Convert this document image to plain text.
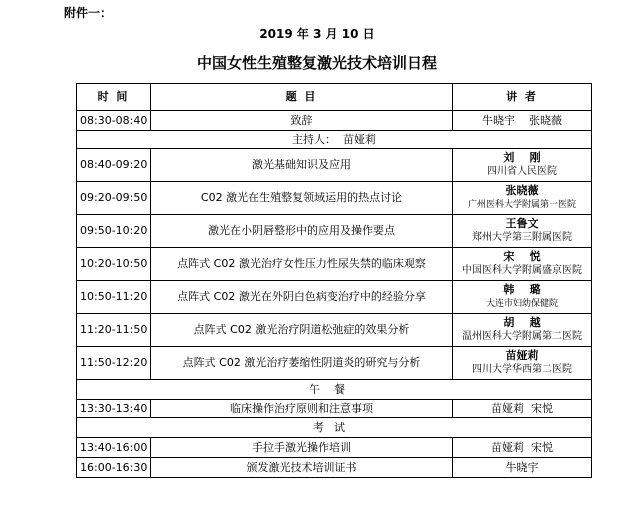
附件一：
2019 年 3 月 10 日
中国女性生殖整复激光技术培训日程
时 间	题 目	讲 者
08:30-08:40	致辞	牛晓宇    张晓薇
主持人：  苗娅莉		
08:40-09:20	激光基础知识及应用	刘    刚
四川省人民医院

09:20-09:50	C02 激光在生殖整复领域运用的热点讨论	张晓薇
广州医科大学附属第一医院

09:50-10:20	激光在小阴唇整形中的应用及操作要点	王鲁文
郑州大学第三附属医院

10:20-10:50	点阵式 C02 激光治疗女性压力性尿失禁的临床观察	宋    悦
中国医科大学附属盛京医院

10:50-11:20	点阵式 C02 激光在外阴白色病变治疗中的经验分享	韩    璐
大连市妇幼保健院

11:20-11:50	点阵式 C02 激光治疗阴道松弛症的效果分析	胡    越
温州医科大学附属第二医院

11:50-12:20	点阵式 C02 激光治疗萎缩性阴道炎的研究与分析	苗娅莉
四川大学华西第二医院

午餐		
13:30-13:40	临床操作治疗原则和注意事项	苗娅莉  宋悦
考试		
13:40-16:00	手拉手激光操作培训	苗娅莉  宋悦
16:00-16:30	颁发激光技术培训证书	牛晓宇
